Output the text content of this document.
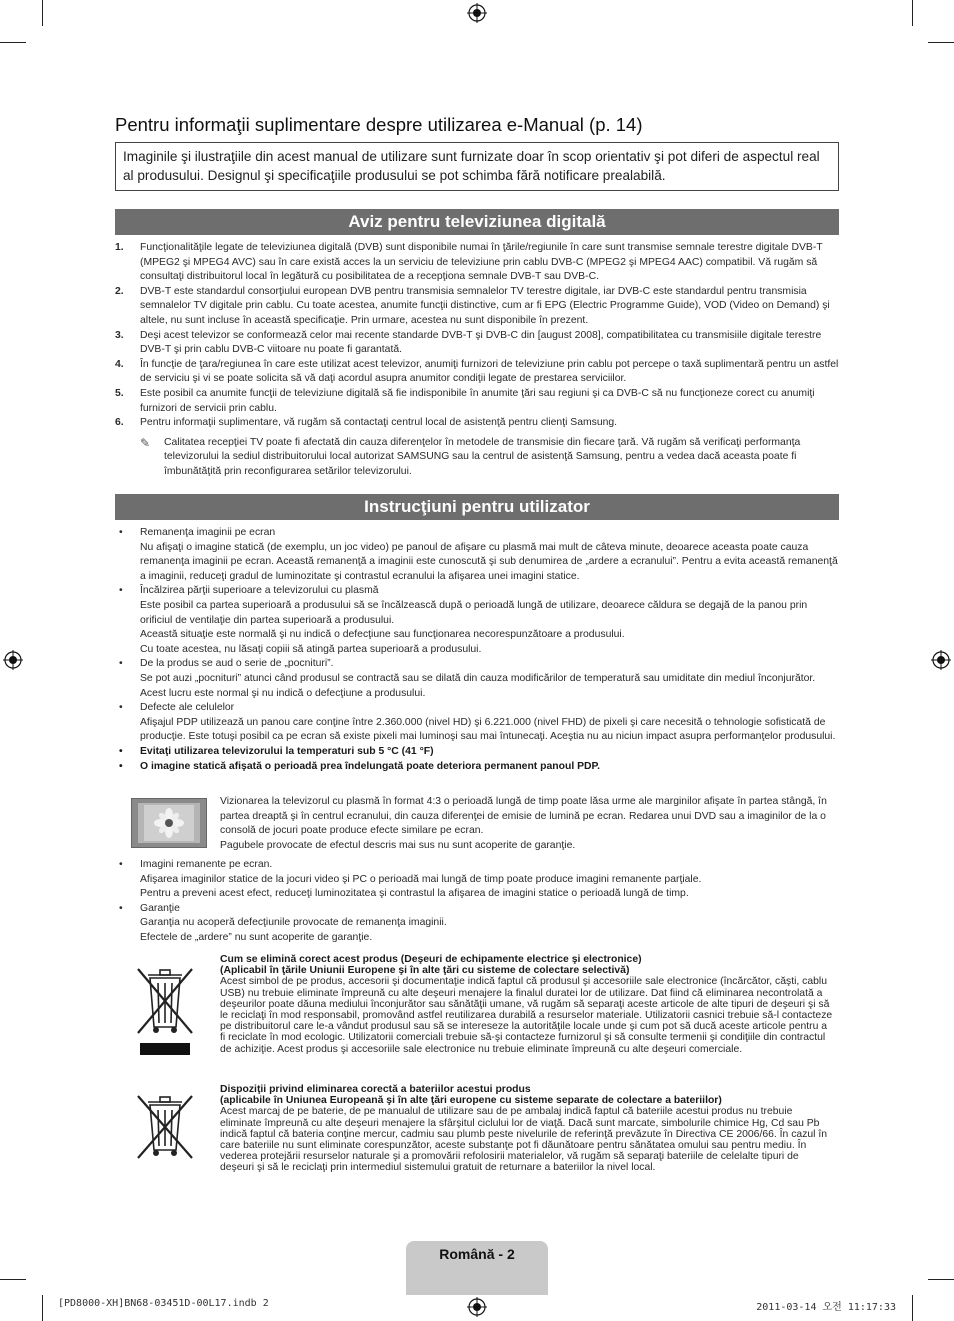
Pentru informaţii suplimentare despre utilizarea e-Manual (p. 14)
Imaginile şi ilustraţiile din acest manual de utilizare sunt furnizate doar în scop orientativ şi pot diferi de aspectul real al produsului. Designul şi specificaţiile produsului se pot schimba fără notificare prealabilă.
Aviz pentru televiziunea digitală
1.	Funcţionalităţile legate de televiziunea digitală (DVB) sunt disponibile numai în ţările/regiunile în care sunt transmise semnale terestre digitale DVB-T (MPEG2 şi MPEG4 AVC) sau în care există acces la un serviciu de televiziune prin cablu DVB-C (MPEG2 şi MPEG4 AAC) compatibil. Vă rugăm să consultaţi distribuitorul local în legătură cu posibilitatea de a recepţiona semnale DVB-T sau DVB-C.
2.	DVB-T este standardul consorţiului european DVB pentru transmisia semnalelor TV terestre digitale, iar DVB-C este standardul pentru transmisia semnalelor TV digitale prin cablu. Cu toate acestea, anumite funcţii distinctive, cum ar fi EPG (Electric Programme Guide), VOD (Video on Demand) şi altele, nu sunt incluse în această specificaţie. Prin urmare, acestea nu sunt disponibile în prezent.
3.	Deşi acest televizor se conformează celor mai recente standarde DVB-T şi DVB-C din [august 2008], compatibilitatea cu transmisiile digitale terestre DVB-T şi prin cablu DVB-C viitoare nu poate fi garantată.
4.	În funcţie de ţara/regiunea în care este utilizat acest televizor, anumiţi furnizori de televiziune prin cablu pot percepe o taxă suplimentară pentru un astfel de serviciu şi vi se poate solicita să vă daţi acordul asupra anumitor condiţii legate de prestarea serviciilor.
5.	Este posibil ca anumite funcţii de televiziune digitală să fie indisponibile în anumite ţări sau regiuni şi ca DVB-C să nu funcţioneze corect cu anumiţi furnizori de servicii prin cablu.
6.	Pentru informaţii suplimentare, vă rugăm să contactaţi centrul local de asistenţă pentru clienţi Samsung.
✎	Calitatea recepţiei TV poate fi afectată din cauza diferenţelor în metodele de transmisie din fiecare ţară. Vă rugăm să verificaţi performanţa televizorului la sediul distribuitorului local autorizat SAMSUNG sau la centrul de asistenţă Samsung, pentru a vedea dacă aceasta poate fi îmbunătăţită prin reconfigurarea setărilor televizorului.
Instrucţiuni pentru utilizator
•	Remanenţa imaginii pe ecran
Nu afişaţi o imagine statică (de exemplu, un joc video) pe panoul de afişare cu plasmă mai mult de câteva minute, deoarece aceasta poate cauza remanenţa imaginii pe ecran. Această remanenţă a imaginii este cunoscută şi sub denumirea de „ardere a ecranului”. Pentru a evita această remanenţă a imaginii, reduceţi gradul de luminozitate şi contrastul ecranului la afişarea unei imagini statice.
•	Încălzirea părţii superioare a televizorului cu plasmă
Este posibil ca partea superioară a produsului să se încălzească după o perioadă lungă de utilizare, deoarece căldura se degajă de la panou prin orificiul de ventilaţie din partea superioară a produsului.
Această situaţie este normală şi nu indică o defecţiune sau funcţionarea necorespunzătoare a produsului.
Cu toate acestea, nu lăsaţi copiii să atingă partea superioară a produsului.
•	De la produs se aud o serie de „pocnituri”.
Se pot auzi „pocnituri” atunci când produsul se contractă sau se dilată din cauza modificărilor de temperatură sau umiditate din mediul înconjurător. Acest lucru este normal şi nu indică o defecţiune a produsului.
•	Defecte ale celulelor
Afişajul PDP utilizează un panou care conţine între 2.360.000 (nivel HD) şi 6.221.000 (nivel FHD) de pixeli şi care necesită o tehnologie sofisticată de producţie. Este totuşi posibil ca pe ecran să existe pixeli mai luminoşi sau mai întunecaţi. Aceştia nu au niciun impact asupra performanţelor produsului.
•	Evitaţi utilizarea televizorului la temperaturi sub 5 °C (41 °F)
•	O imagine statică afişată o perioadă prea îndelungată poate deteriora permanent panoul PDP.
Vizionarea la televizorul cu plasmă în format 4:3 o perioadă lungă de timp poate lăsa urme ale marginilor afişate în partea stângă, în partea dreaptă şi în centrul ecranului, din cauza diferenţei de emisie de lumină pe ecran. Redarea unui DVD sau a imaginilor de la o consolă de jocuri poate produce efecte similare pe ecran.
Pagubele provocate de efectul descris mai sus nu sunt acoperite de garanţie.
•	Imagini remanente pe ecran.
Afişarea imaginilor statice de la jocuri video şi PC o perioadă mai lungă de timp poate produce imagini remanente parţiale.
Pentru a preveni acest efect, reduceţi luminozitatea şi contrastul la afişarea de imagini statice o perioadă lungă de timp.
•	Garanţie
Garanţia nu acoperă defecţiunile provocate de remanenţa imaginii.
Efectele de „ardere” nu sunt acoperite de garanţie.
Cum se elimină corect acest produs (Deşeuri de echipamente electrice şi electronice)
(Aplicabil în ţările Uniunii Europene şi în alte ţări cu sisteme de colectare selectivă)
Acest simbol de pe produs, accesorii şi documentaţie indică faptul că produsul şi accesoriile sale electronice (încărcător, căşti, cablu USB) nu trebuie eliminate împreună cu alte deşeuri menajere la finalul duratei lor de utilizare. Dat fiind că eliminarea necontrolată a deşeurilor poate dăuna mediului înconjurător sau sănătăţii umane, vă rugăm să separaţi aceste articole de alte tipuri de deşeuri şi să le reciclaţi în mod responsabil, promovând astfel reutilizarea durabilă a resurselor materiale. Utilizatorii casnici trebuie să-l contacteze pe distribuitorul care le-a vândut produsul sau să se intereseze la autorităţile locale unde şi cum pot să ducă aceste articole pentru a fi reciclate în mod ecologic. Utilizatorii comerciali trebuie să-şi contacteze furnizorul şi să consulte termenii şi condiţiile din contractul de achiziţie. Acest produs şi accesoriile sale electronice nu trebuie eliminate împreună cu alte deşeuri comerciale.
Dispoziţii privind eliminarea corectă a bateriilor acestui produs
(aplicabile în Uniunea Europeană şi în alte ţări europene cu sisteme separate de colectare a bateriilor)
Acest marcaj de pe baterie, de pe manualul de utilizare sau de pe ambalaj indică faptul că bateriile acestui produs nu trebuie eliminate împreună cu alte deşeuri menajere la sfârşitul ciclului lor de viaţă. Dacă sunt marcate, simbolurile chimice Hg, Cd sau Pb indică faptul că bateria conţine mercur, cadmiu sau plumb peste nivelurile de referinţă prevăzute în Directiva CE 2006/66. În cazul în care bateriile nu sunt eliminate corespunzător, aceste substanţe pot fi dăunătoare pentru sănătatea omului sau pentru mediu. În vederea protejării resurselor naturale şi a promovării refolosirii materialelor, vă rugăm să separaţi bateriile de celelalte tipuri de deşeuri şi să le reciclaţi prin intermediul sistemului gratuit de returnare a bateriilor la nivel local.
Română - 2
[PD8000-XH]BN68-03451D-00L17.indb 2	2011-03-14 오전 11:17:33
